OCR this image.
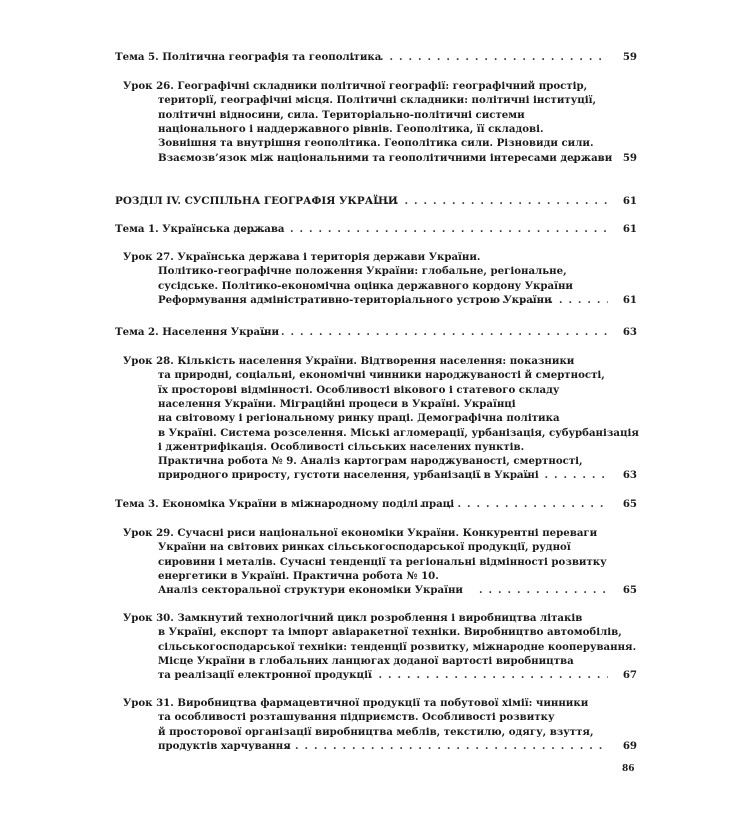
Тема 5. Політична географія та геополітика . . .	59
Урок 26. Географічні складники політичної географії: географічний простір,
території, географічні місця. Політичні складники: політичні інституції,
політичні відносини, сила. Територіально-політичні системи
національного і наддержавного рівнів. Геополітика, її складові.
Зовнішня та внутрішня геополітика. Геополітика сили. Різновиди сили.
Взаємозв’язок між національними та геополітичними інтересами держави . . .	59
РОЗДІЛ IV. СУСПІЛЬНА ГЕОГРАФІЯ УКРАЇНИ . . .	61
Тема 1. Українська держава . . .	61
Урок 27. Українська держава і територія держави України.
Політико-географічне положення України: глобальне, регіональне,
сусідське. Політико-економічна оцінка державного кордону України
Реформування адміністративно-територіального устрою України . . .	61
Тема 2. Населення України . . .	63
Урок 28. Кількість населення України. Відтворення населення: показники
та природні, соціальні, економічні чинники народжуваності й смертності,
їх просторові відмінності. Особливості вікового і статевого складу
населення України. Міграційні процеси в Україні. Українці
на світовому і регіональному ринку праці. Демографічна політика
в Україні. Система розселення. Міські агломерації, урбанізація, субурбанізація
і джентрифікація. Особливості сільських населених пунктів.
Практична робота № 9. Аналіз картограм народжуваності, смертності,
природного приросту, густоти населення, урбанізації в Україні . . .	63
Тема 3. Економіка України в міжнародному поділі праці . . .	65
Урок 29. Сучасні риси національної економіки України. Конкурентні переваги
України на світових ринках сільськогосподарської продукції, рудної
сировини і металів. Сучасні тенденції та регіональні відмінності розвитку
енергетики в Україні. Практична робота № 10.
Аналіз секторальної структури економіки України . . .	65
Урок 30. Замкнутий технологічний цикл розроблення і виробництва літаків
в Україні, експорт та імпорт авіаракетної техніки. Виробництво автомобілів,
сільськогосподарської техніки: тенденції розвитку, міжнародне кооперування.
Місце України в глобальних ланцюгах доданої вартості виробництва
та реалізації електронної продукції . . .	67
Урок 31. Виробництва фармацевтичної продукції та побутової хімії: чинники
та особливості розташування підприємств. Особливості розвитку
й просторової організації виробництва меблів, текстилю, одягу, взуття,
продуктів харчування . . .	69
86
